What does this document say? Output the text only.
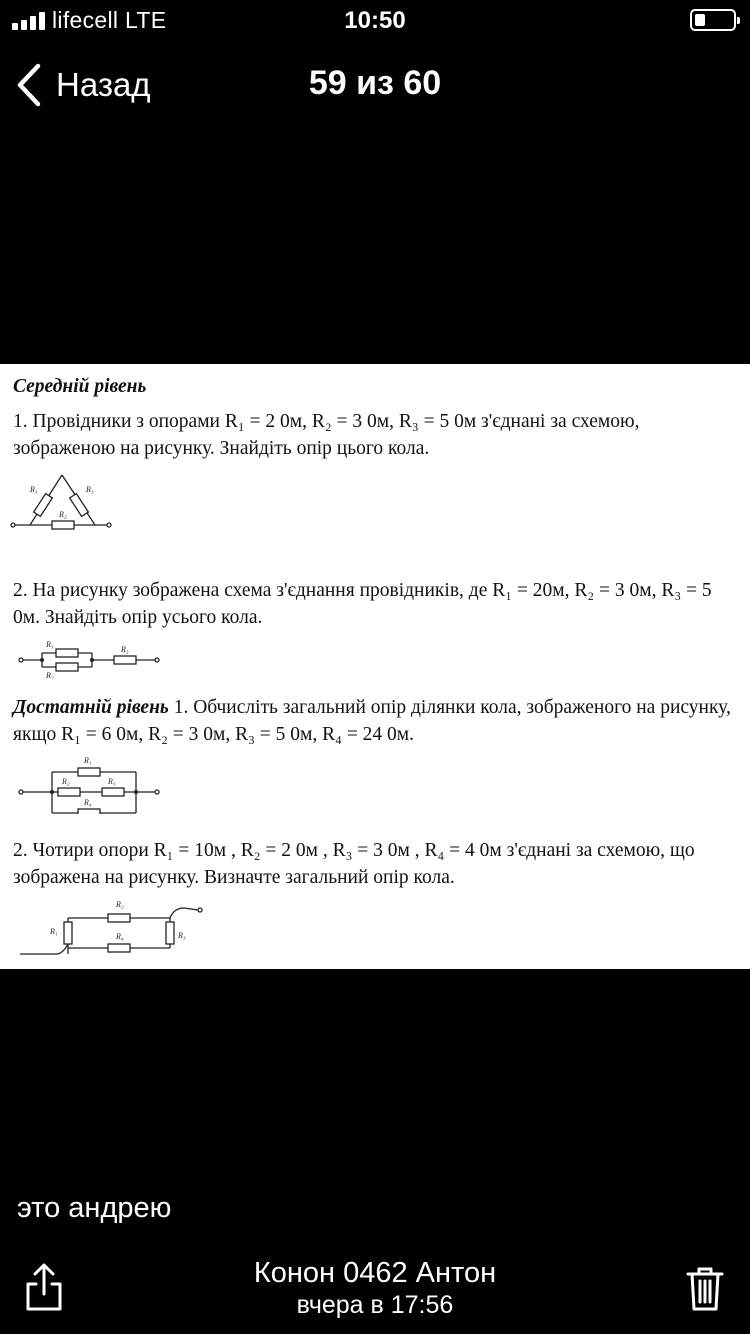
lifecell LTE	10:50
Назад	59 из 60
Середній рівень
1. Провідники з опорами R₁ = 2 0м, R₂ = 3 0м, R₃ = 5 0м з'єднані за схемою, зображеною на рисунку. Знайдіть опір цього кола.
R₁	R₃
R₂
2. На рисунку зображена схема з'єднання провідників, де R₁ = 20м, R₂ = 3 0м, R₃ = 5 0м. Знайдіть опір усього кола.
R₁
R₂
R₃
Достатній рівень 1. Обчисліть загальний опір ділянки кола, зображеного на рисунку, якщо R₁ = 6 0м, R₂ = 3 0м, R₃ = 5 0м, R₄ = 24 0м.
R₁
R₂	R₃
R₄
2. Чотири опори R₁ = 10м , R₂ = 2 0м , R₃ = 3 0м , R₄ = 4 0м з'єднані за схемою, що зображена на рисунку. Визначте загальний опір кола.
R₁
R₂
R₃
R₄
это андрею
Конон 0462 Антон
вчера в 17:56
